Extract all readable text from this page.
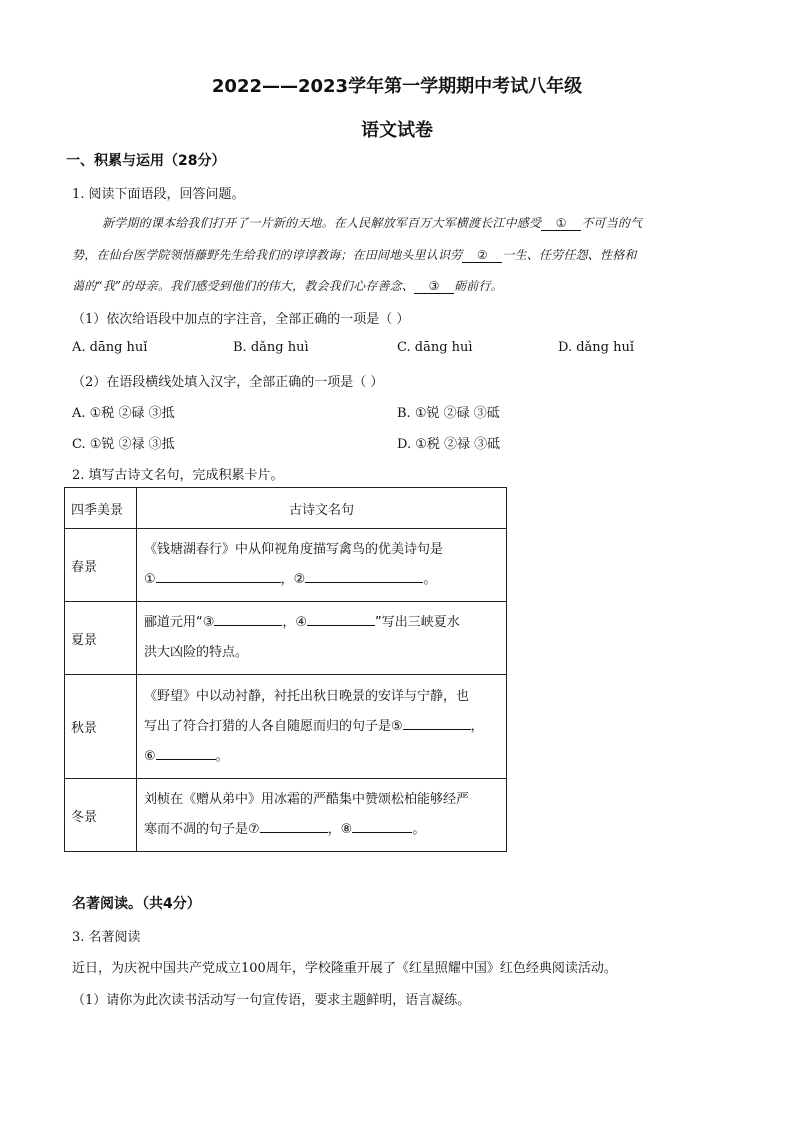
2022——2023学年第一学期期中考试八年级
语文试卷
一、积累与运用（28分）
1. 阅读下面语段，回答问题。
新学期的课本给我们打开了一片新的天地。在人民解放军百万大军横渡长江中感受 ① 不可当的气
势，在仙台医学院领悟藤野先生给我们的谆谆教诲；在田间地头里认识劳 ② 一生、任劳任怨、性格和
蔼的“我”的母亲。我们感受到他们的伟大，教会我们心存善念、 ③ 砺前行。
（1）依次给语段中加点的字注音，全部正确的一项是（ ）
A. dāng huǐ	B. dǎng huì	C. dāng huì	D. dǎng huǐ
（2）在语段横线处填入汉字，全部正确的一项是（ ）
A. ①税 ②碌 ③抵	B. ①锐 ②碌 ③砥
C. ①锐 ②禄 ③抵	D. ①税 ②禄 ③砥
2. 填写古诗文名句，完成积累卡片。
四季美景	古诗文名句
春景	《钱塘湖春行》中从仰视角度描写禽鸟的优美诗句是
① ，② 。

夏景	郦道元用“③ ，④ ”写出三峡夏水
洪大凶险的特点。

秋景	《野望》中以动衬静，衬托出秋日晚景的安详与宁静，也
写出了符合打猎的人各自随愿而归的句子是⑤ ，
⑥ 。

冬景	刘桢在《赠从弟中》用冰霜的严酷集中赞颂松柏能够经严
寒而不凋的句子是⑦ ，⑧ 。
名著阅读。（共4分）
3. 名著阅读
近日，为庆祝中国共产党成立100周年，学校隆重开展了《红星照耀中国》红色经典阅读活动。
（1）请你为此次读书活动写一句宣传语，要求主题鲜明，语言凝练。
